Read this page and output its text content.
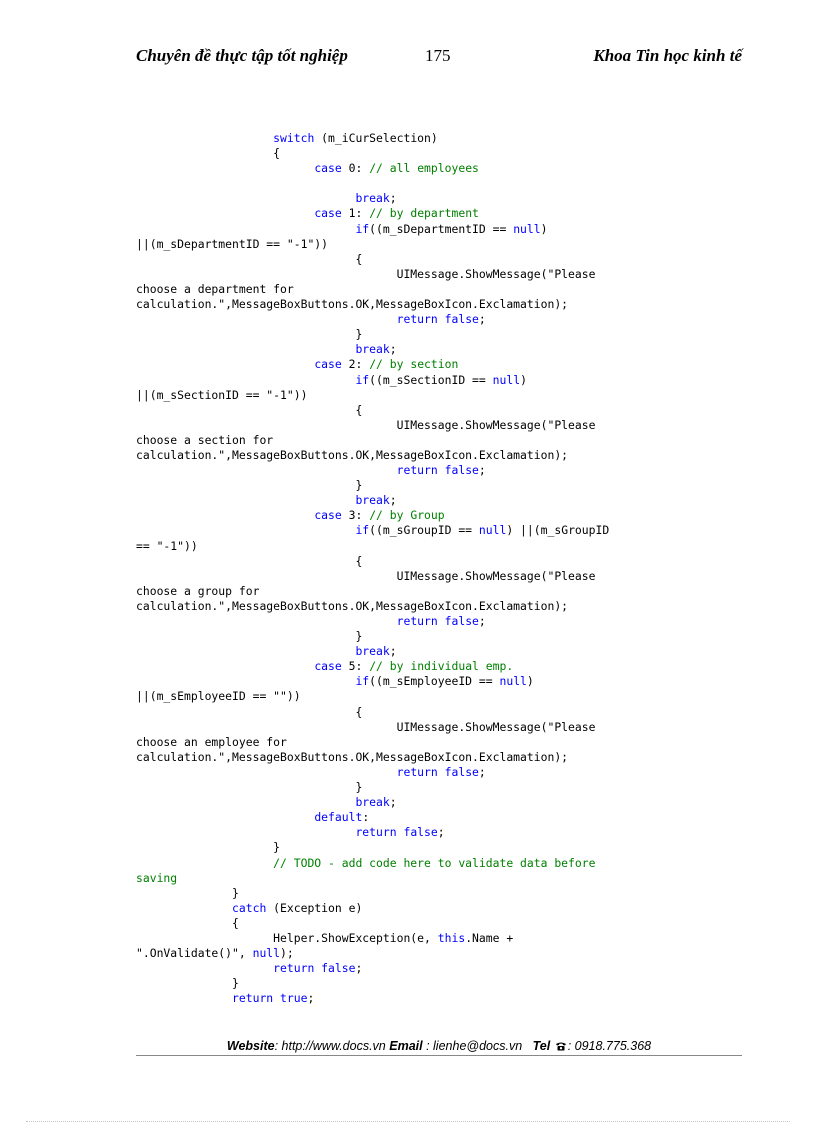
Chuyên đề thực tập tốt nghiệp	175	Khoa Tin học kinh tế
switch (m_iCurSelection)
{
case 0: // all employees
break;
case 1: // by department
if((m_sDepartmentID == null)
||(m_sDepartmentID == "-1"))
{
UIMessage.ShowMessage("Please
choose a department for
calculation.",MessageBoxButtons.OK,MessageBoxIcon.Exclamation);
return false;
}
break;
case 2: // by section
if((m_sSectionID == null)
||(m_sSectionID == "-1"))
{
UIMessage.ShowMessage("Please
choose a section for
calculation.",MessageBoxButtons.OK,MessageBoxIcon.Exclamation);
return false;
}
break;
case 3: // by Group
if((m_sGroupID == null) ||(m_sGroupID
== "-1"))
{
UIMessage.ShowMessage("Please
choose a group for
calculation.",MessageBoxButtons.OK,MessageBoxIcon.Exclamation);
return false;
}
break;
case 5: // by individual emp.
if((m_sEmployeeID == null)
||(m_sEmployeeID == ""))
{
UIMessage.ShowMessage("Please
choose an employee for
calculation.",MessageBoxButtons.OK,MessageBoxIcon.Exclamation);
return false;
}
break;
default:
return false;
}
// TODO - add code here to validate data before
saving
}
catch (Exception e)
{
Helper.ShowException(e, this.Name +
".OnValidate()", null);
return false;
}
return true;
Website: http://www.docs.vn Email : lienhe@docs.vn Tel : 0918.775.368
